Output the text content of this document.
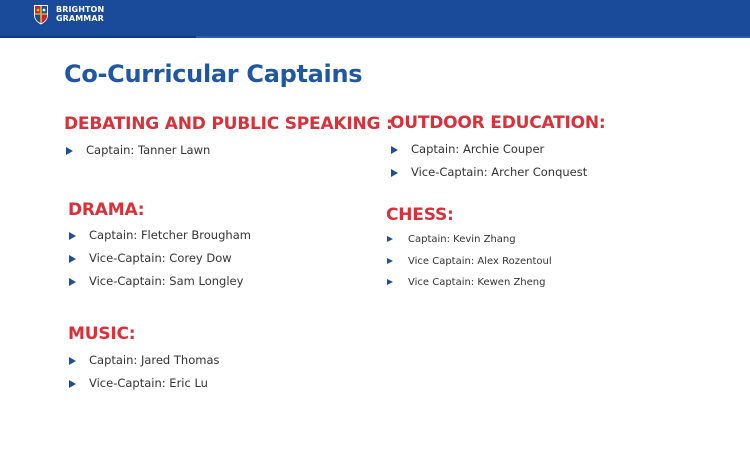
BRIGHTON
GRAMMAR
Co-Curricular Captains
DEBATING AND PUBLIC SPEAKING :
Captain: Tanner Lawn
DRAMA:
Captain: Fletcher Brougham
Vice-Captain: Corey Dow
Vice-Captain: Sam Longley
MUSIC:
Captain: Jared Thomas
Vice-Captain: Eric Lu
OUTDOOR EDUCATION:
Captain: Archie Couper
Vice-Captain: Archer Conquest
CHESS:
Captain: Kevin Zhang
Vice Captain: Alex Rozentoul
Vice Captain: Kewen Zheng
